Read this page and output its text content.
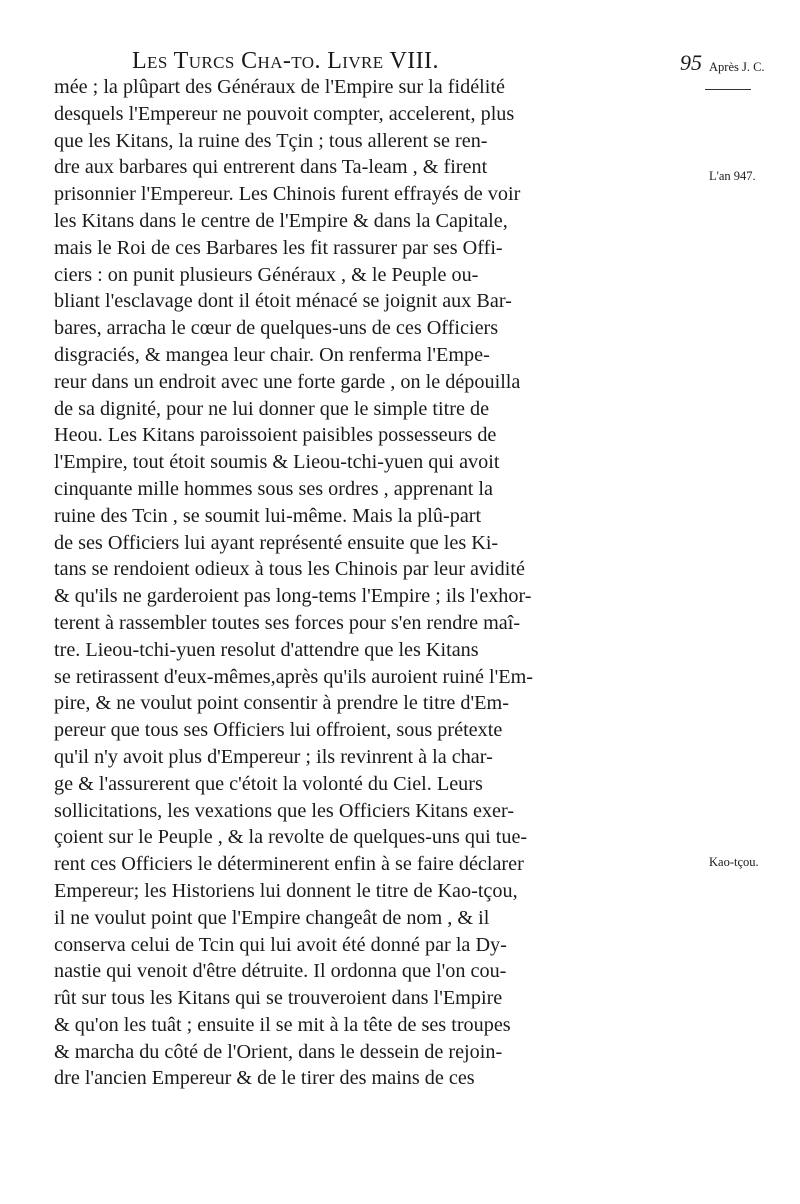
Les Turcs Cha-to. Livre VIII.	95 Après J. C.
L'an 947.
Kao-tçou.
mée ; la plûpart des Généraux de l'Empire sur la fidélité
desquels l'Empereur ne pouvoit compter, accelerent, plus
que les Kitans, la ruine des Tçin ; tous allerent se ren-
dre aux barbares qui entrerent dans Ta-leam , & firent
prisonnier l'Empereur. Les Chinois furent effrayés de voir
les Kitans dans le centre de l'Empire & dans la Capitale,
mais le Roi de ces Barbares les fit rassurer par ses Offi-
ciers : on punit plusieurs Généraux , & le Peuple ou-
bliant l'esclavage dont il étoit ménacé se joignit aux Bar-
bares, arracha le cœur de quelques-uns de ces Officiers
disgraciés, & mangea leur chair. On renferma l'Empe-
reur dans un endroit avec une forte garde , on le dépouilla
de sa dignité, pour ne lui donner que le simple titre de
Heou. Les Kitans paroissoient paisibles possesseurs de
l'Empire, tout étoit soumis & Lieou-tchi-yuen qui avoit
cinquante mille hommes sous ses ordres , apprenant la
ruine des Tcin , se soumit lui-même. Mais la plû-part
de ses Officiers lui ayant représenté ensuite que les Ki-
tans se rendoient odieux à tous les Chinois par leur avidité
& qu'ils ne garderoient pas long-tems l'Empire ; ils l'exhor-
terent à rassembler toutes ses forces pour s'en rendre maî-
tre. Lieou-tchi-yuen resolut d'attendre que les Kitans
se retirassent d'eux-mêmes,après qu'ils auroient ruiné l'Em-
pire, & ne voulut point consentir à prendre le titre d'Em-
pereur que tous ses Officiers lui offroient, sous prétexte
qu'il n'y avoit plus d'Empereur ; ils revinrent à la char-
ge & l'assurerent que c'étoit la volonté du Ciel. Leurs
sollicitations, les vexations que les Officiers Kitans exer-
çoient sur le Peuple , & la revolte de quelques-uns qui tue-
rent ces Officiers le déterminerent enfin à se faire déclarer
Empereur; les Historiens lui donnent le titre de Kao-tçou,
il ne voulut point que l'Empire changeât de nom , & il
conserva celui de Tcin qui lui avoit été donné par la Dy-
nastie qui venoit d'être détruite. Il ordonna que l'on cou-
rût sur tous les Kitans qui se trouveroient dans l'Empire
& qu'on les tuât ; ensuite il se mit à la tête de ses troupes
& marcha du côté de l'Orient, dans le dessein de rejoin-
dre l'ancien Empereur & de le tirer des mains de ces
